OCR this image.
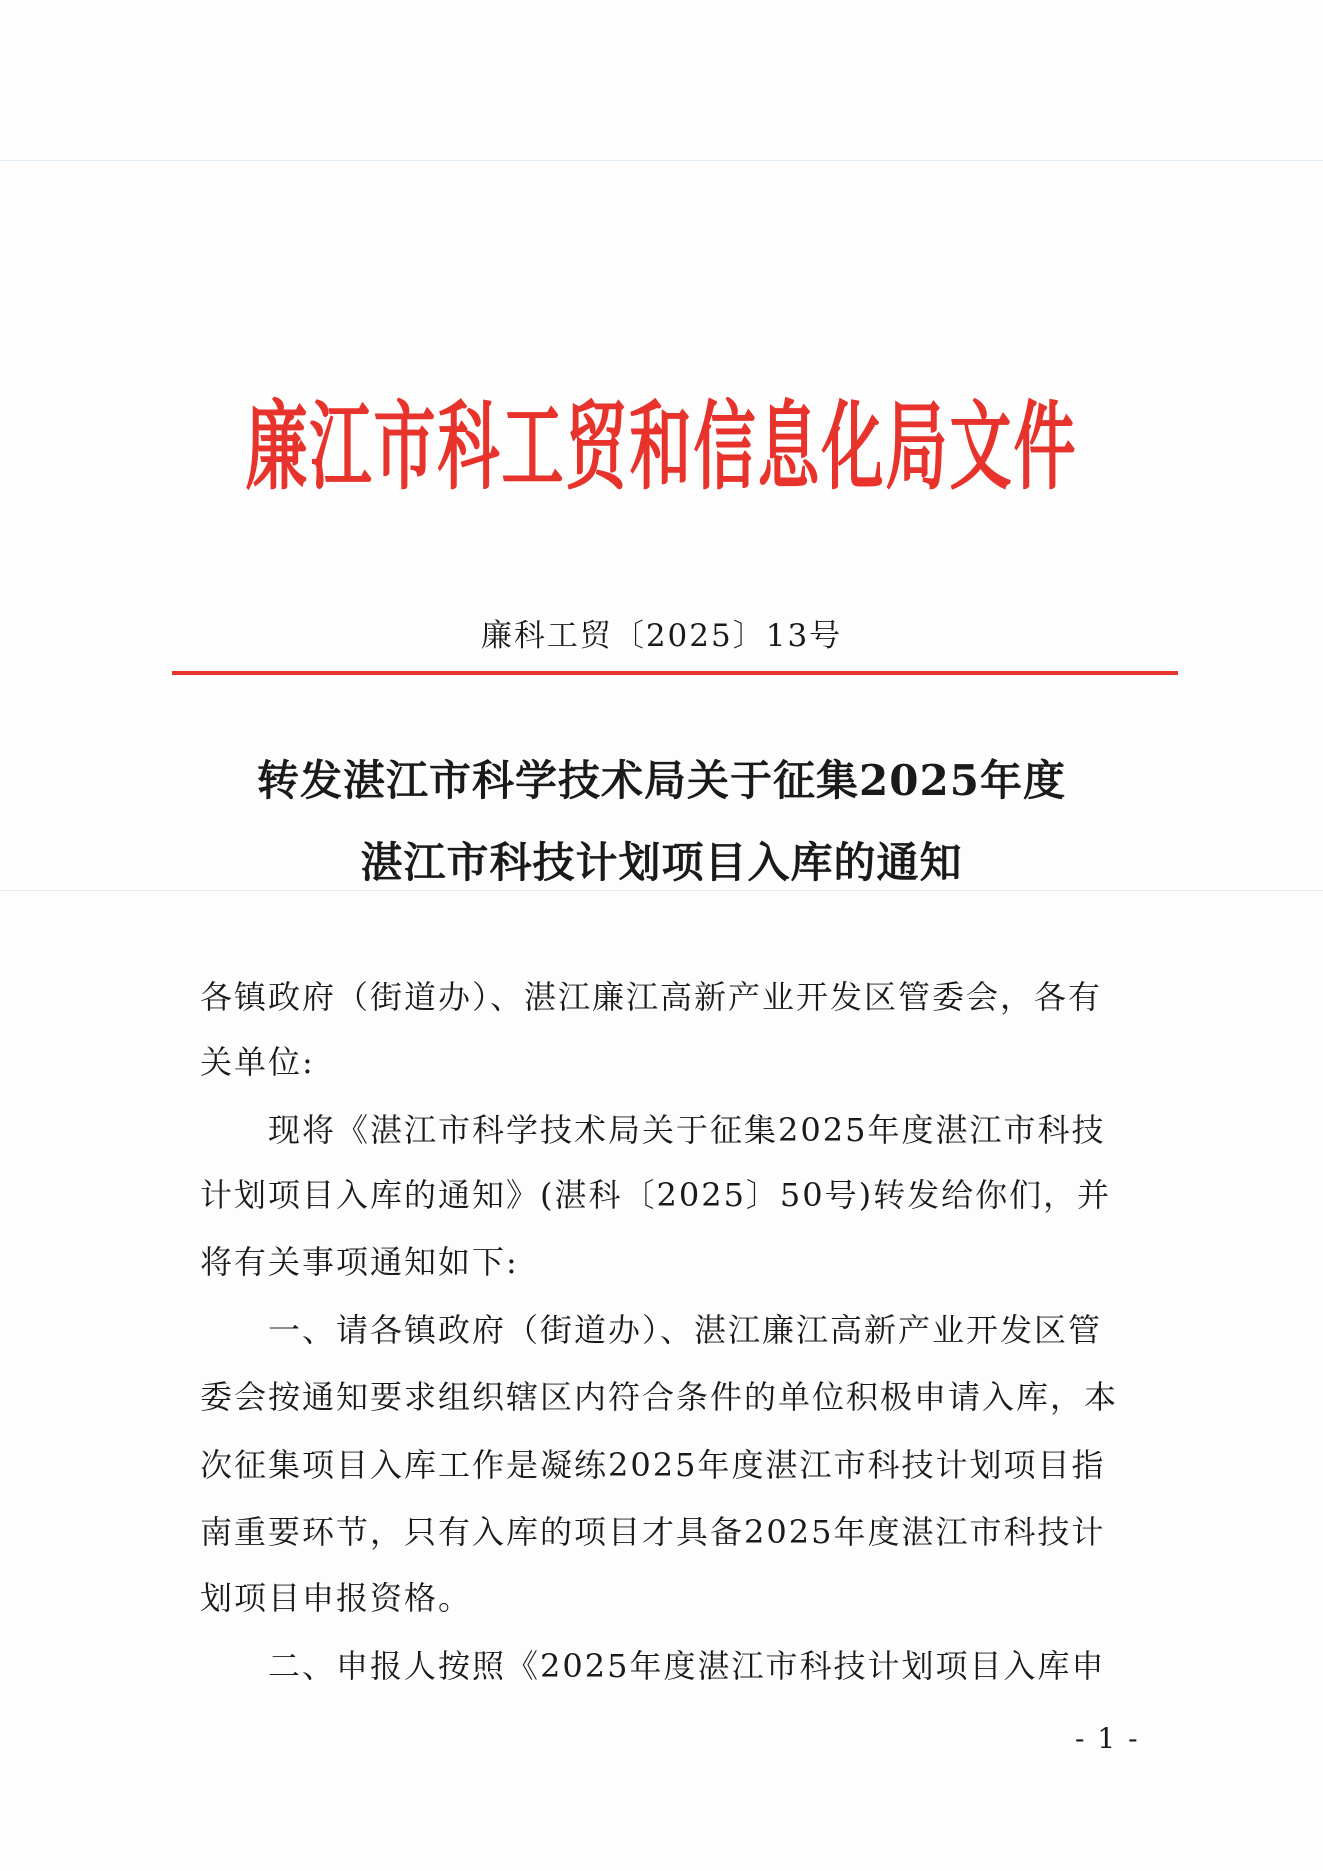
廉江市科工贸和信息化局文件
廉科工贸〔2025〕13号
转发湛江市科学技术局关于征集2025年度
湛江市科技计划项目入库的通知
各镇政府（街道办）、湛江廉江高新产业开发区管委会，各有
关单位:
　　现将《湛江市科学技术局关于征集2025年度湛江市科技
计划项目入库的通知》(湛科〔2025〕50号)转发给你们，并
将有关事项通知如下:
　　一、请各镇政府（街道办）、湛江廉江高新产业开发区管
委会按通知要求组织辖区内符合条件的单位积极申请入库，本
次征集项目入库工作是凝练2025年度湛江市科技计划项目指
南重要环节，只有入库的项目才具备2025年度湛江市科技计
划项目申报资格。
　　二、申报人按照《2025年度湛江市科技计划项目入库申
- 1 -
